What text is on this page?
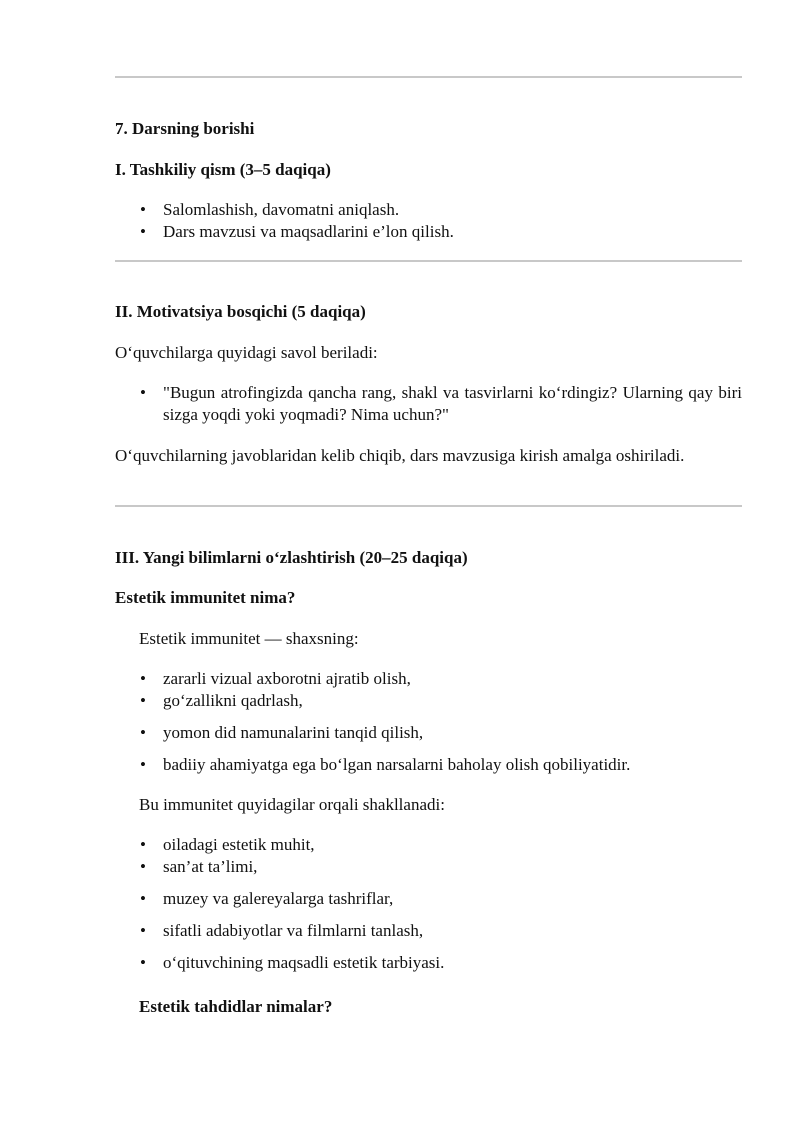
7. Darsning borishi
I. Tashkiliy qism (3–5 daqiqa)
• Salomlashish, davomatni aniqlash.
• Dars mavzusi va maqsadlarini e’lon qilish.
II. Motivatsiya bosqichi (5 daqiqa)
O‘quvchilarga quyidagi savol beriladi:
• "Bugun atrofingizda qancha rang, shakl va tasvirlarni ko‘rdingiz? Ularning qay biri sizga yoqdi yoki yoqmadi? Nima uchun?"
O‘quvchilarning javoblaridan kelib chiqib, dars mavzusiga kirish amalga oshiriladi.
III. Yangi bilimlarni o‘zlashtirish (20–25 daqiqa)
Estetik immunitet nima?
Estetik immunitet — shaxsning:
• zararli vizual axborotni ajratib olish,
• go‘zallikni qadrlash,
• yomon did namunalarini tanqid qilish,
• badiiy ahamiyatga ega bo‘lgan narsalarni baholay olish qobiliyatidir.
Bu immunitet quyidagilar orqali shakllanadi:
• oiladagi estetik muhit,
• san’at ta’limi,
• muzey va galereyalarga tashriflar,
• sifatli adabiyotlar va filmlarni tanlash,
• o‘qituvchining maqsadli estetik tarbiyasi.
Estetik tahdidlar nimalar?
